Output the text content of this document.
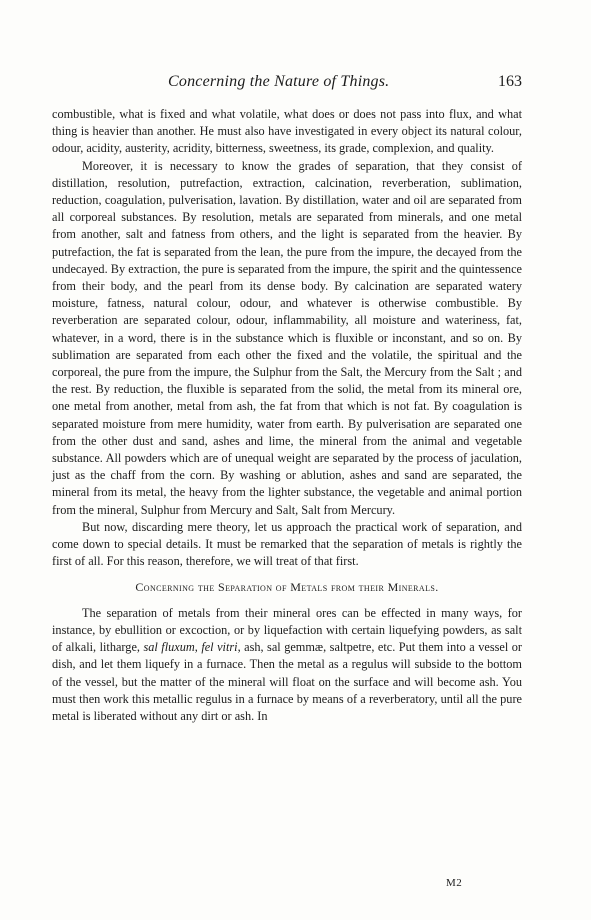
Concerning the Nature of Things.	163

combustible, what is fixed and what volatile, what does or does not pass into flux, and what thing is heavier than another. He must also have investigated in every object its natural colour, odour, acidity, austerity, acridity, bitterness, sweetness, its grade, complexion, and quality.

Moreover, it is necessary to know the grades of separation, that they consist of distillation, resolution, putrefaction, extraction, calcination, reverberation, sublimation, reduction, coagulation, pulverisation, lavation. By distillation, water and oil are separated from all corporeal substances. By resolution, metals are separated from minerals, and one metal from another, salt and fatness from others, and the light is separated from the heavier. By putrefaction, the fat is separated from the lean, the pure from the impure, the decayed from the undecayed. By extraction, the pure is separated from the impure, the spirit and the quintessence from their body, and the pearl from its dense body. By calcination are separated watery moisture, fatness, natural colour, odour, and whatever is otherwise combustible. By reverberation are separated colour, odour, inflammability, all moisture and wateriness, fat, whatever, in a word, there is in the substance which is fluxible or inconstant, and so on. By sublimation are separated from each other the fixed and the volatile, the spiritual and the corporeal, the pure from the impure, the Sulphur from the Salt, the Mercury from the Salt ; and the rest. By reduction, the fluxible is separated from the solid, the metal from its mineral ore, one metal from another, metal from ash, the fat from that which is not fat. By coagulation is separated moisture from mere humidity, water from earth. By pulverisation are separated one from the other dust and sand, ashes and lime, the mineral from the animal and vegetable substance. All powders which are of unequal weight are separated by the process of jaculation, just as the chaff from the corn. By washing or ablution, ashes and sand are separated, the mineral from its metal, the heavy from the lighter substance, the vegetable and animal portion from the mineral, Sulphur from Mercury and Salt, Salt from Mercury.

But now, discarding mere theory, let us approach the practical work of separation, and come down to special details. It must be remarked that the separation of metals is rightly the first of all. For this reason, therefore, we will treat of that first.

Concerning the Separation of Metals from their Minerals.

The separation of metals from their mineral ores can be effected in many ways, for instance, by ebullition or excoction, or by liquefaction with certain liquefying powders, as salt of alkali, litharge, sal fluxum, fel vitri, ash, sal gemmæ, saltpetre, etc. Put them into a vessel or dish, and let them liquefy in a furnace. Then the metal as a regulus will subside to the bottom of the vessel, but the matter of the mineral will float on the surface and will become ash. You must then work this metallic regulus in a furnace by means of a reverberatory, until all the pure metal is liberated without any dirt or ash. In

M2
